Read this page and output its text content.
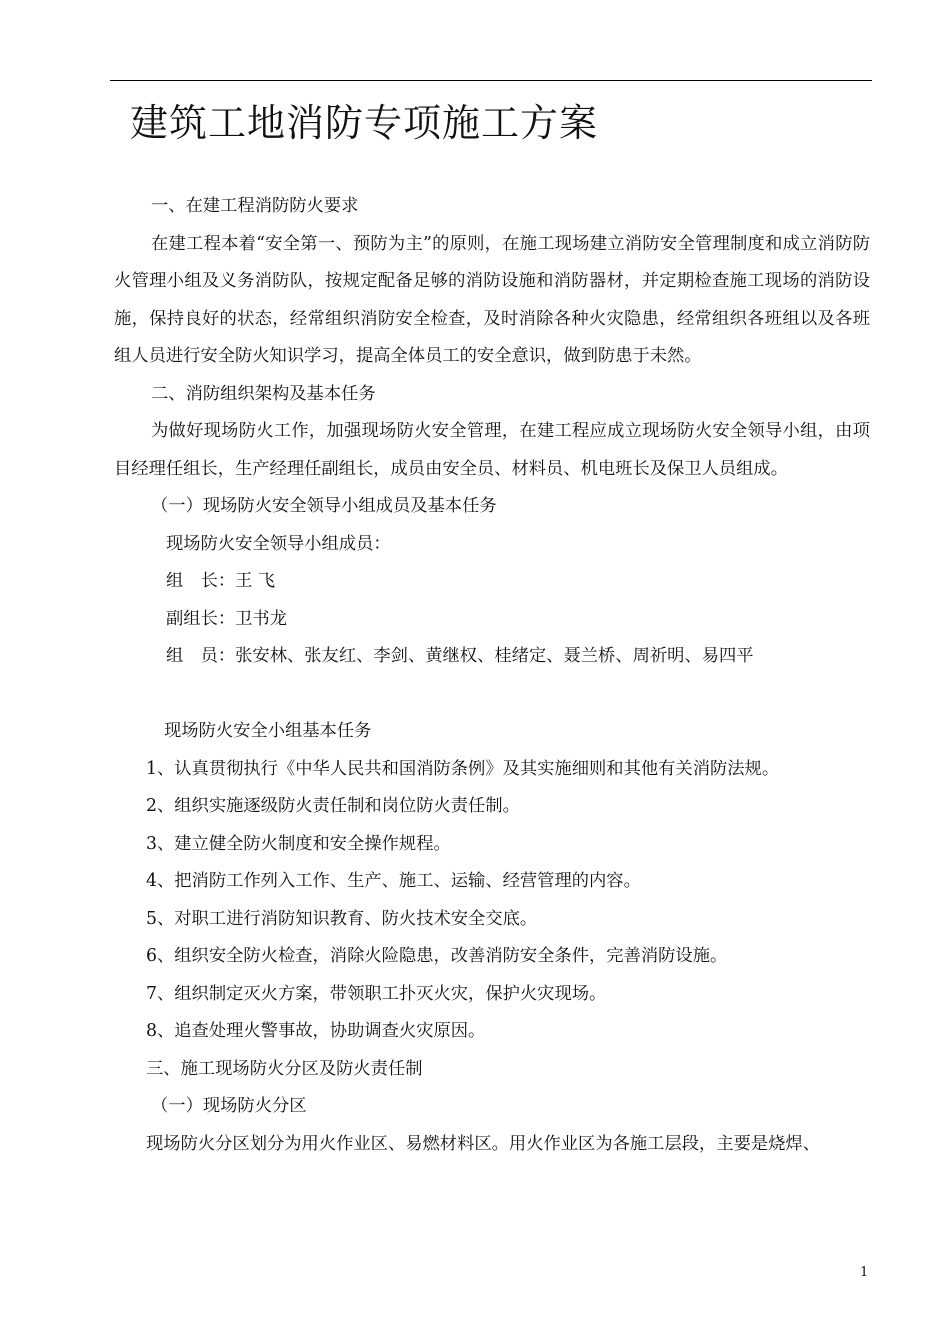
建筑工地消防专项施工方案

一、在建工程消防防火要求

在建工程本着“安全第一、预防为主”的原则，在施工现场建立消防安全管理制度和成立消防防火管理小组及义务消防队，按规定配备足够的消防设施和消防器材，并定期检查施工现场的消防设施，保持良好的状态，经常组织消防安全检查，及时消除各种火灾隐患，经常组织各班组以及各班组人员进行安全防火知识学习，提高全体员工的安全意识，做到防患于未然。

二、消防组织架构及基本任务

为做好现场防火工作，加强现场防火安全管理，在建工程应成立现场防火安全领导小组，由项目经理任组长，生产经理任副组长，成员由安全员、材料员、机电班长及保卫人员组成。

（一）现场防火安全领导小组成员及基本任务

现场防火安全领导小组成员：

组　长：王 飞

副组长：卫书龙

组　员：张安林、张友红、李剑、黄继权、桂绪定、聂兰桥、周祈明、易四平

现场防火安全小组基本任务

1、认真贯彻执行《中华人民共和国消防条例》及其实施细则和其他有关消防法规。

2、组织实施逐级防火责任制和岗位防火责任制。

3、建立健全防火制度和安全操作规程。

4、把消防工作列入工作、生产、施工、运输、经营管理的内容。

5、对职工进行消防知识教育、防火技术安全交底。

6、组织安全防火检查，消除火险隐患，改善消防安全条件，完善消防设施。

7、组织制定灭火方案，带领职工扑灭火灾，保护火灾现场。

8、追查处理火警事故，协助调查火灾原因。

三、施工现场防火分区及防火责任制

（一）现场防火分区

现场防火分区划分为用火作业区、易燃材料区。用火作业区为各施工层段，主要是烧焊、

1
